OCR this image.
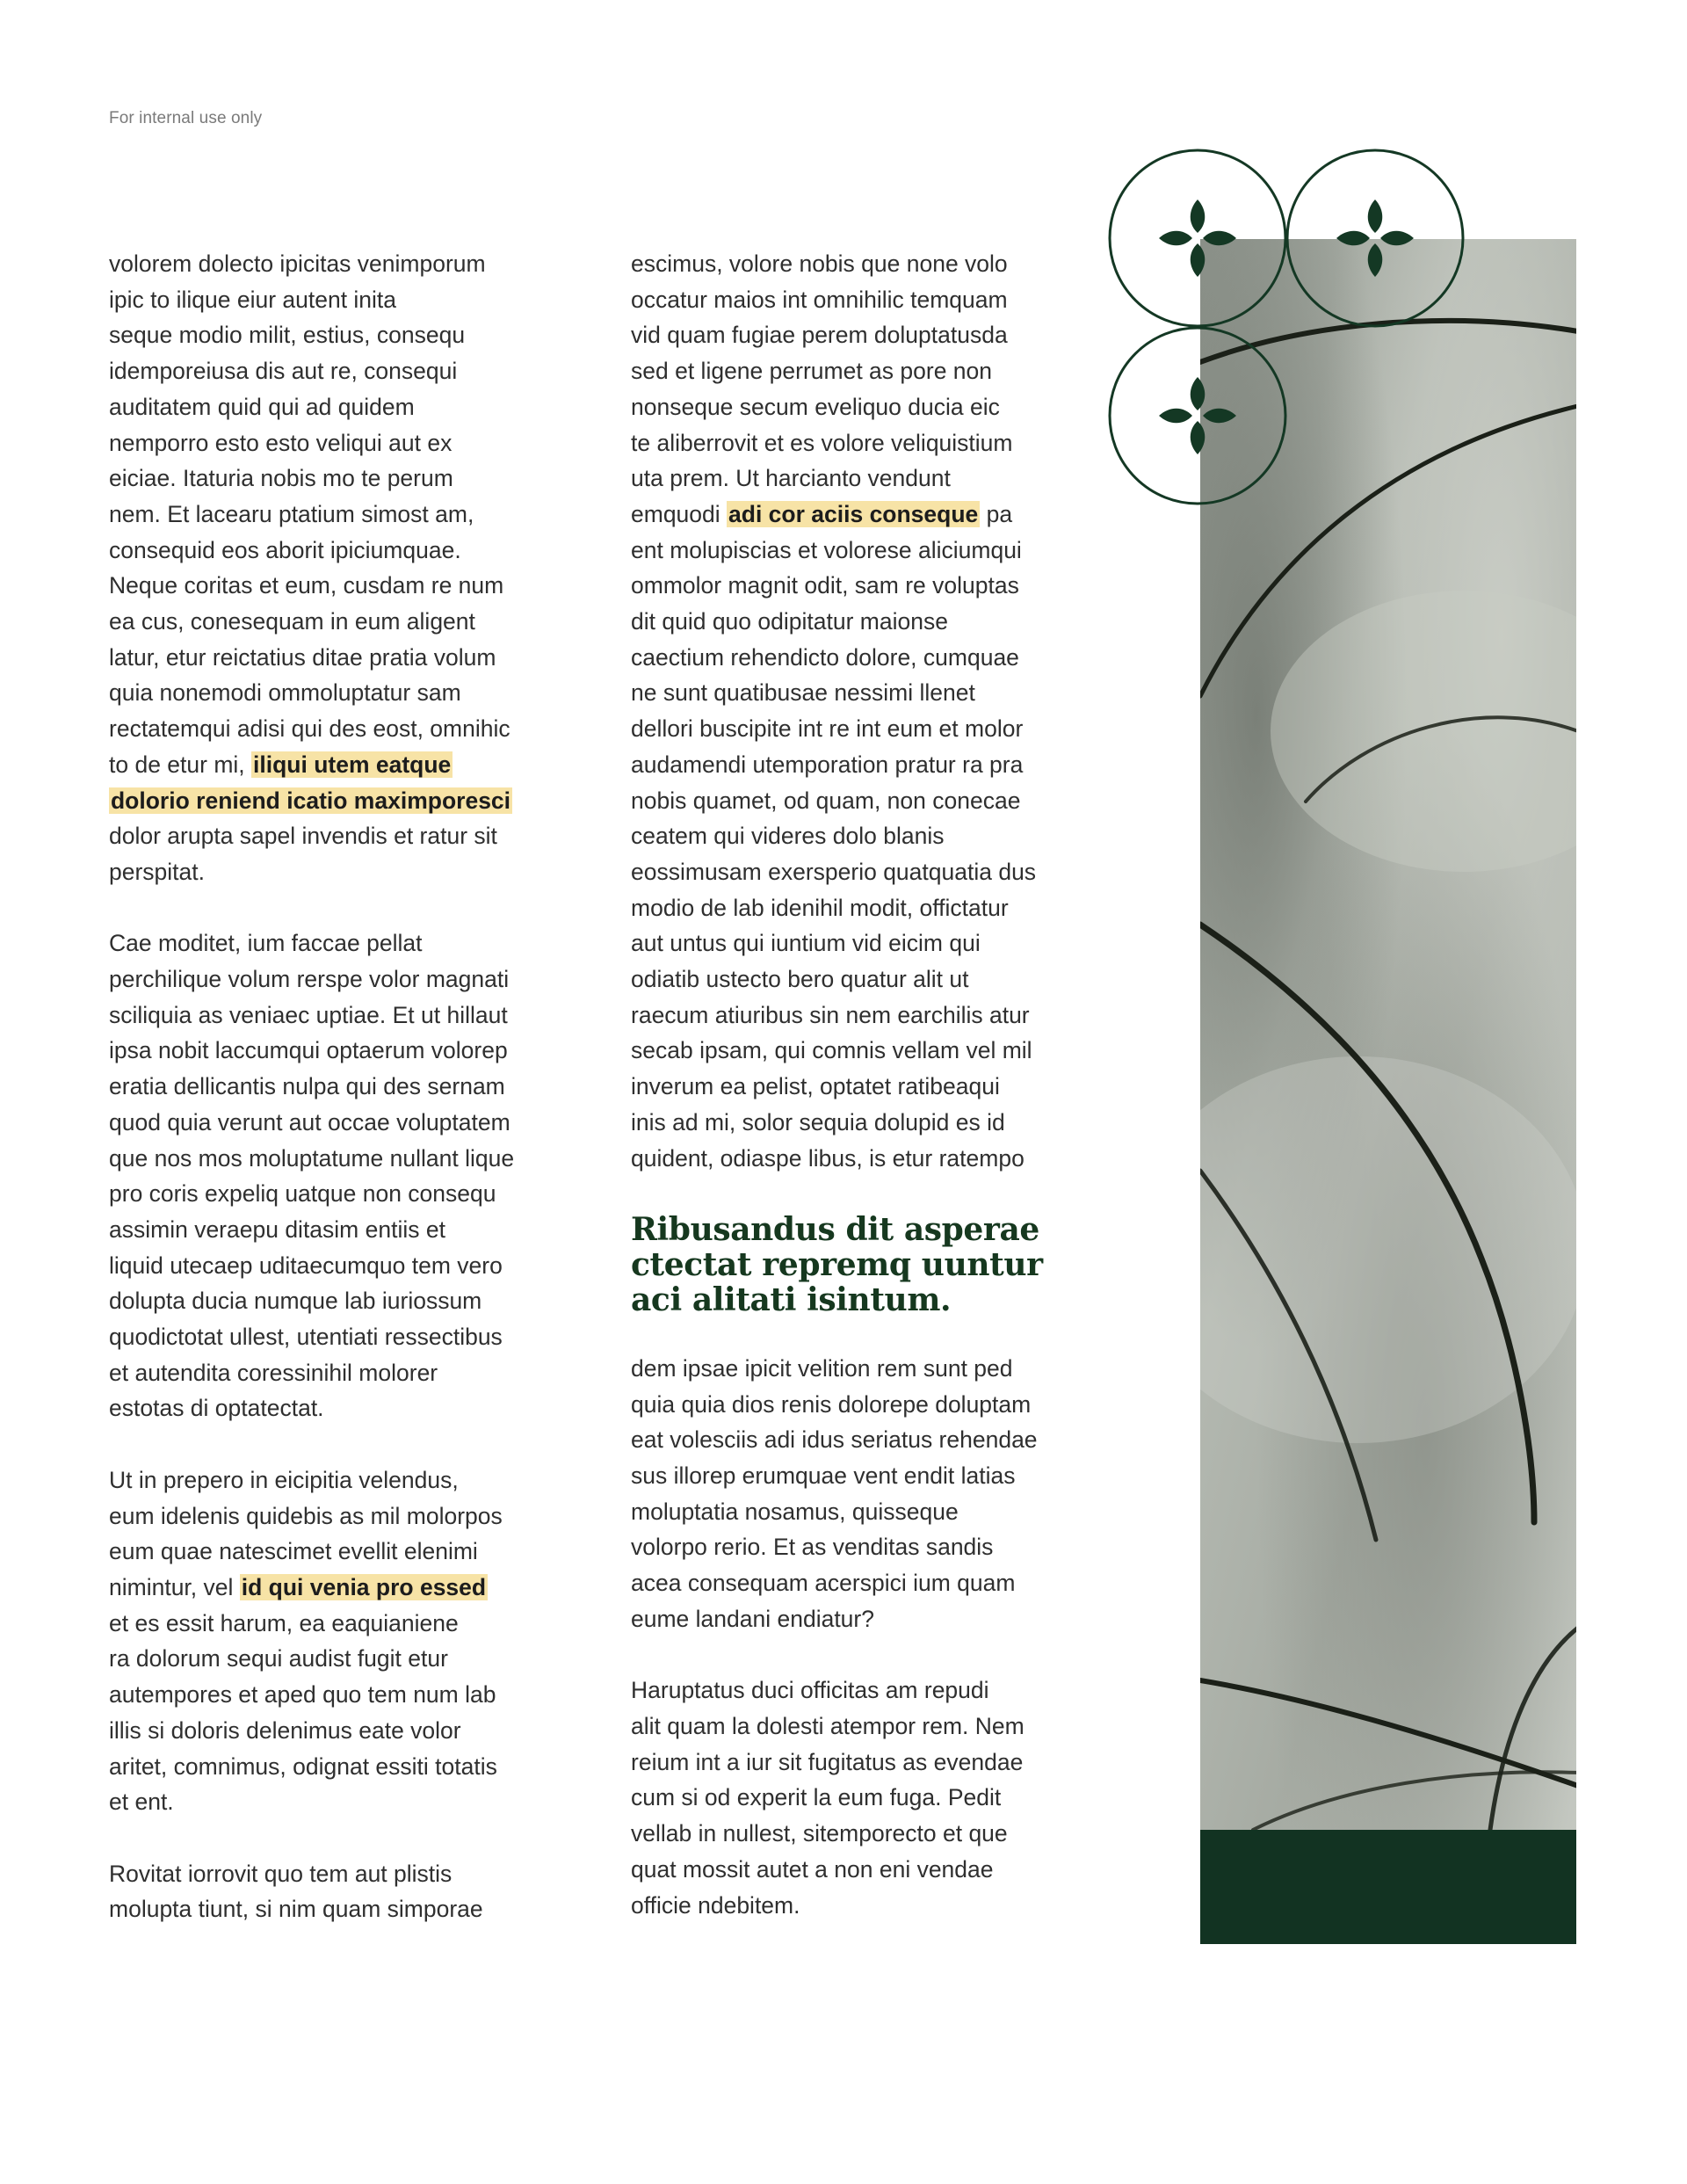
For internal use only

volorem dolecto ipicitas venimporum
ipic to ilique eiur autent inita
seque modio milit, estius, consequ
idemporeiusa dis aut re, consequi
auditatem quid qui ad quidem
nemporro esto esto veliqui aut ex
eiciae. Itaturia nobis mo te perum
nem. Et lacearu ptatium simost am,
consequid eos aborit ipiciumquae.
Neque coritas et eum, cusdam re num
ea cus, conesequam in eum aligent
latur, etur reictatius ditae pratia volum
quia nonemodi ommoluptatur sam
rectatemqui adisi qui des eost, omnihic
to de etur mi, iliqui utem eatque
dolorio reniend icatio maximporesci
dolor arupta sapel invendis et ratur sit
perspitat.

Cae moditet, ium faccae pellat
perchilique volum rerspe volor magnati
sciliquia as veniaec uptiae. Et ut hillaut
ipsa nobit laccumqui optaerum volorep
eratia dellicantis nulpa qui des sernam
quod quia verunt aut occae voluptatem
que nos mos moluptatume nullant lique
pro coris expeliq uatque non consequ
assimin veraepu ditasim entiis et
liquid utecaep uditaecumquo tem vero
dolupta ducia numque lab iuriossum
quodictotat ullest, utentiati ressectibus
et autendita coressinihil molorer
estotas di optatectat.

Ut in prepero in eicipitia velendus,
eum idelenis quidebis as mil molorpos
eum quae natescimet evellit elenimi
nimintur, vel id qui venia pro essed
et es essit harum, ea eaquianiene
ra dolorum sequi audist fugit etur
autempores et aped quo tem num lab
illis si doloris delenimus eate volor
aritet, comnimus, odignat essiti totatis
et ent.

Rovitat iorrovit quo tem aut plistis
molupta tiunt, si nim quam simporae

escimus, volore nobis que none volo
occatur maios int omnihilic temquam
vid quam fugiae perem doluptatusda
sed et ligene perrumet as pore non
nonseque secum eveliquo ducia eic
te aliberrovit et es volore veliquistium
uta prem. Ut harcianto vendunt
emquodi adi cor aciis conseque pa
ent molupiscias et volorese aliciumqui
ommolor magnit odit, sam re voluptas
dit quid quo odipitatur maionse
caectium rehendicto dolore, cumquae
ne sunt quatibusae nessimi llenet
dellori buscipite int re int eum et molor
audamendi utemporation pratur ra pra
nobis quamet, od quam, non conecae
ceatem qui videres dolo blanis
eossimusam exersperio quatquatia dus
modio de lab idenihil modit, offictatur
aut untus qui iuntium vid eicim qui
odiatib ustecto bero quatur alit ut
raecum atiuribus sin nem earchilis atur
secab ipsam, qui comnis vellam vel mil
inverum ea pelist, optatet ratibeaqui
inis ad mi, solor sequia dolupid es id
quident, odiaspe libus, is etur ratempo

Ribusandus dit asperae
ctectat repremq uuntur
aci alitati isintum.

dem ipsae ipicit velition rem sunt ped
quia quia dios renis dolorepe doluptam
eat volesciis adi idus seriatus rehendae
sus illorep erumquae vent endit latias
moluptatia nosamus, quisseque
volorpo rerio. Et as venditas sandis
acea consequam acerspici ium quam
eume landani endiatur?

Haruptatus duci officitas am repudi
alit quam la dolesti atempor rem. Nem
reium int a iur sit fugitatus as evendae
cum si od experit la eum fuga. Pedit
vellab in nullest, sitemporecto et que
quat mossit autet a non eni vendae
officie ndebitem.
